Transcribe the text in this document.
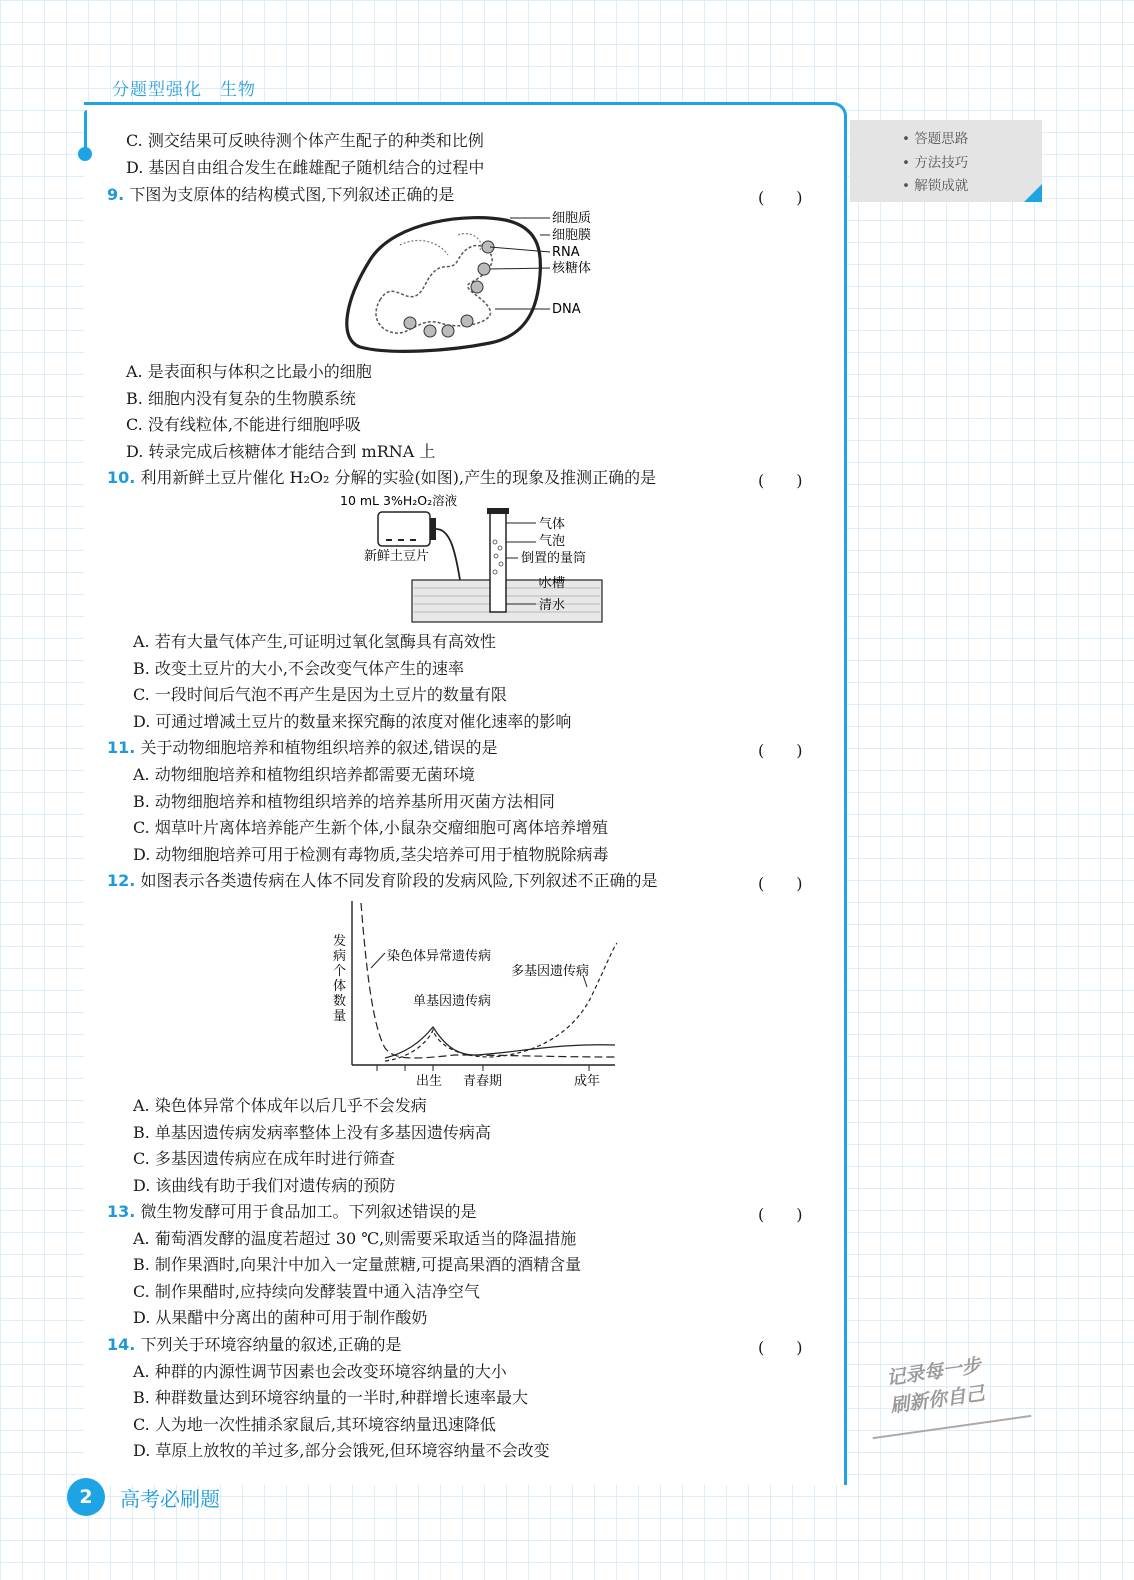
分题型强化　生物
• 答题思路
• 方法技巧
• 解锁成就
C. 测交结果可反映待测个体产生配子的种类和比例
D. 基因自由组合发生在雌雄配子随机结合的过程中
9. 下图为支原体的结构模式图,下列叙述正确的是	(　　)
细胞质
细胞膜
RNA
核糖体
DNA
A. 是表面积与体积之比最小的细胞
B. 细胞内没有复杂的生物膜系统
C. 没有线粒体,不能进行细胞呼吸
D. 转录完成后核糖体才能结合到 mRNA 上
10. 利用新鲜土豆片催化 H₂O₂ 分解的实验(如图),产生的现象及推测正确的是	(　　)
10 mL 3%H₂O₂溶液
新鲜土豆片
气体
气泡
倒置的量筒
水槽
清水
A. 若有大量气体产生,可证明过氧化氢酶具有高效性
B. 改变土豆片的大小,不会改变气体产生的速率
C. 一段时间后气泡不再产生是因为土豆片的数量有限
D. 可通过增减土豆片的数量来探究酶的浓度对催化速率的影响
11. 关于动物细胞培养和植物组织培养的叙述,错误的是	(　　)
A. 动物细胞培养和植物组织培养都需要无菌环境
B. 动物细胞培养和植物组织培养的培养基所用灭菌方法相同
C. 烟草叶片离体培养能产生新个体,小鼠杂交瘤细胞可离体培养增殖
D. 动物细胞培养可用于检测有毒物质,茎尖培养可用于植物脱除病毒
12. 如图表示各类遗传病在人体不同发育阶段的发病风险,下列叙述不正确的是	(　　)
发
病
个
体
数
量
染色体异常遗传病
多基因遗传病
单基因遗传病
出生 青春期	成年
A. 染色体异常个体成年以后几乎不会发病
B. 单基因遗传病发病率整体上没有多基因遗传病高
C. 多基因遗传病应在成年时进行筛查
D. 该曲线有助于我们对遗传病的预防
13. 微生物发酵可用于食品加工。下列叙述错误的是	(　　)
A. 葡萄酒发酵的温度若超过 30 ℃,则需要采取适当的降温措施
B. 制作果酒时,向果汁中加入一定量蔗糖,可提高果酒的酒精含量
C. 制作果醋时,应持续向发酵装置中通入洁净空气
D. 从果醋中分离出的菌种可用于制作酸奶
14. 下列关于环境容纳量的叙述,正确的是	(　　)
A. 种群的内源性调节因素也会改变环境容纳量的大小
B. 种群数量达到环境容纳量的一半时,种群增长速率最大
C. 人为地一次性捕杀家鼠后,其环境容纳量迅速降低
D. 草原上放牧的羊过多,部分会饿死,但环境容纳量不会改变
记录每一步
刷新你自己
2	高考必刷题
